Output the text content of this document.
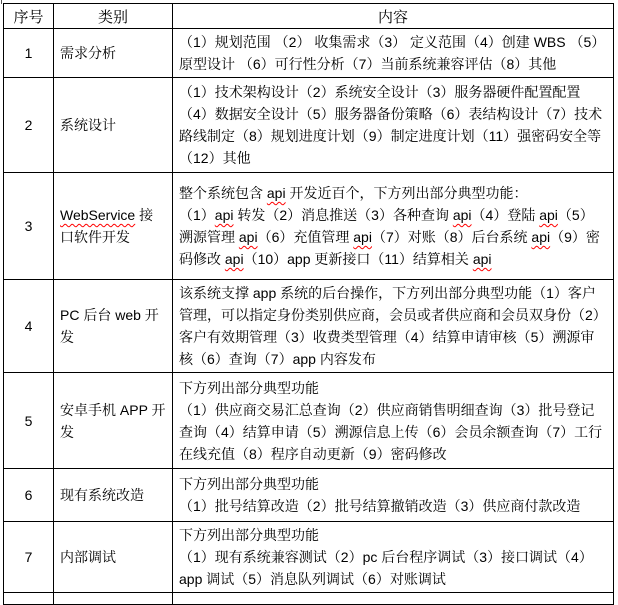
序号	类别	内容
1	需求分析	（1）规划范围 （2） 收集需求（3） 定义范围（4）创建 WBS （5）原型设计 （6）可行性分析（7）当前系统兼容评估（8）其他

2	系统设计	（1）技术架构设计（2）系统安全设计（3）服务器硬件配置配置（4）数据安全设计（5）服务器备份策略（6）表结构设计（7）技术路线制定（8）规划进度计划（9）制定进度计划（11）强密码安全等（12）其他

3	WebService 接口软件开发	整个系统包含 api 开发近百个，下方列出部分典型功能：
（1）api 转发（2）消息推送（3）各种查询 api（4）登陆 api（5）溯源管理 api（6）充值管理 api（7）对账（8）后台系统 api（9）密码修改 api（10）app 更新接口（11）结算相关 api

4	PC 后台 web 开发	该系统支撑 app 系统的后台操作，下方列出部分典型功能（1）客户管理，可以指定身份类别供应商，会员或者供应商和会员双身份（2）客户有效期管理（3）收费类型管理（4）结算申请审核（5）溯源审核（6）查询（7）app 内容发布

5	安卓手机 APP 开发	下方列出部分典型功能
（1）供应商交易汇总查询（2）供应商销售明细查询（3）批号登记查询（4）结算申请（5）溯源信息上传（6）会员余额查询（7）工行在线充值（8）程序自动更新（9）密码修改

6	现有系统改造	下方列出部分典型功能
（1）批号结算改造（2）批号结算撤销改造（3）供应商付款改造

7	内部调试	下方列出部分典型功能
（1）现有系统兼容测试（2）pc 后台程序调试（3）接口调试（4）app 调试（5）消息队列调试（6）对账调试
